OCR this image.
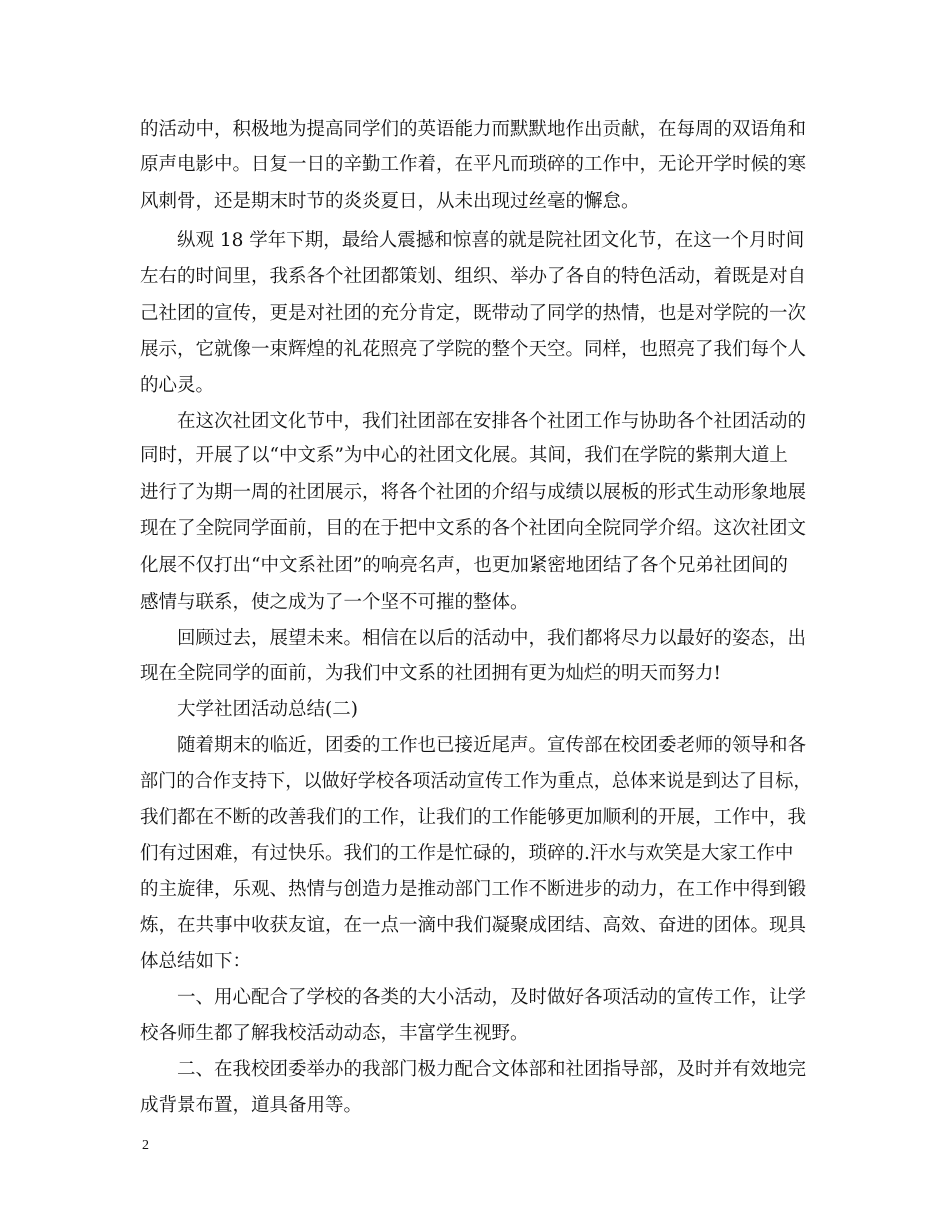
的活动中，积极地为提高同学们的英语能力而默默地作出贡献，在每周的双语角和
原声电影中。日复一日的辛勤工作着，在平凡而琐碎的工作中，无论开学时候的寒
风刺骨，还是期末时节的炎炎夏日，从未出现过丝毫的懈怠。
纵观 18 学年下期，最给人震撼和惊喜的就是院社团文化节，在这一个月时间
左右的时间里，我系各个社团都策划、组织、举办了各自的特色活动，着既是对自
己社团的宣传，更是对社团的充分肯定，既带动了同学的热情，也是对学院的一次
展示，它就像一束辉煌的礼花照亮了学院的整个天空。同样，也照亮了我们每个人
的心灵。
在这次社团文化节中，我们社团部在安排各个社团工作与协助各个社团活动的
同时，开展了以“中文系”为中心的社团文化展。其间，我们在学院的紫荆大道上
进行了为期一周的社团展示，将各个社团的介绍与成绩以展板的形式生动形象地展
现在了全院同学面前，目的在于把中文系的各个社团向全院同学介绍。这次社团文
化展不仅打出“中文系社团”的响亮名声，也更加紧密地团结了各个兄弟社团间的
感情与联系，使之成为了一个坚不可摧的整体。
回顾过去，展望未来。相信在以后的活动中，我们都将尽力以最好的姿态，出
现在全院同学的面前，为我们中文系的社团拥有更为灿烂的明天而努力!
大学社团活动总结(二)
随着期末的临近，团委的工作也已接近尾声。宣传部在校团委老师的领导和各
部门的合作支持下，以做好学校各项活动宣传工作为重点，总体来说是到达了目标，
我们都在不断的改善我们的工作，让我们的工作能够更加顺利的开展，工作中，我
们有过困难，有过快乐。我们的工作是忙碌的，琐碎的.汗水与欢笑是大家工作中
的主旋律，乐观、热情与创造力是推动部门工作不断进步的动力，在工作中得到锻
炼，在共事中收获友谊，在一点一滴中我们凝聚成团结、高效、奋进的团体。现具
体总结如下：
一、用心配合了学校的各类的大小活动，及时做好各项活动的宣传工作，让学
校各师生都了解我校活动动态，丰富学生视野。
二、在我校团委举办的我部门极力配合文体部和社团指导部，及时并有效地完
成背景布置，道具备用等。
2
